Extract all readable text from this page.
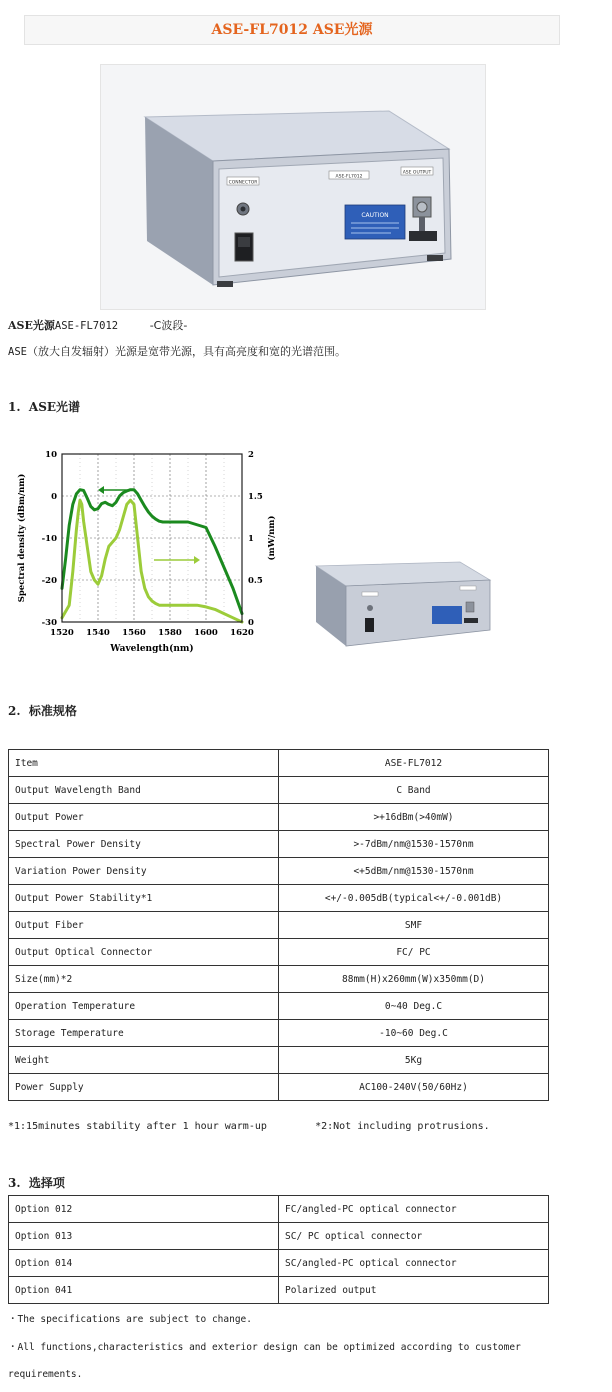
ASE-FL7012 ASE光源
CONNECTOR
ASE-FL7012
ASE OUTPUT
CAUTION
ASE光源ASE-FL7012	-C波段-
ASE（放大自发辐射）光源是宽带光源，具有高亮度和宽的光谱范围。
1.  ASE光谱
1520 1540 1560 1580 1600 1620
10
0
-10
-20
-30
2
1.5
1
0.5
0
Wavelength(nm)
Spectral density (dBm/nm)	(mW/nm)
2.  标准规格
Item	ASE-FL7012
Output Wavelength Band	C Band
Output Power	>+16dBm(>40mW)
Spectral Power Density	>-7dBm/nm@1530-1570nm
Variation Power Density	<+5dBm/nm@1530-1570nm
Output Power Stability*1	<+/-0.005dB(typical<+/-0.001dB)
Output Fiber	SMF
Output Optical Connector	FC/ PC
Size(mm)*2	88mm(H)x260mm(W)x350mm(D)
Operation Temperature	0~40 Deg.C
Storage Temperature	-10~60 Deg.C
Weight	5Kg
Power Supply	AC100-240V(50/60Hz)
*1:15minutes stability after 1 hour warm-up	*2:Not including protrusions.
3.  选择项
Option 012	FC/angled-PC optical connector
Option 013	SC/ PC optical connector
Option 014	SC/angled-PC optical connector
Option 041	Polarized output
・The specifications are subject to change.
・All functions,characteristics and exterior design can be optimized according to customer requirements.
